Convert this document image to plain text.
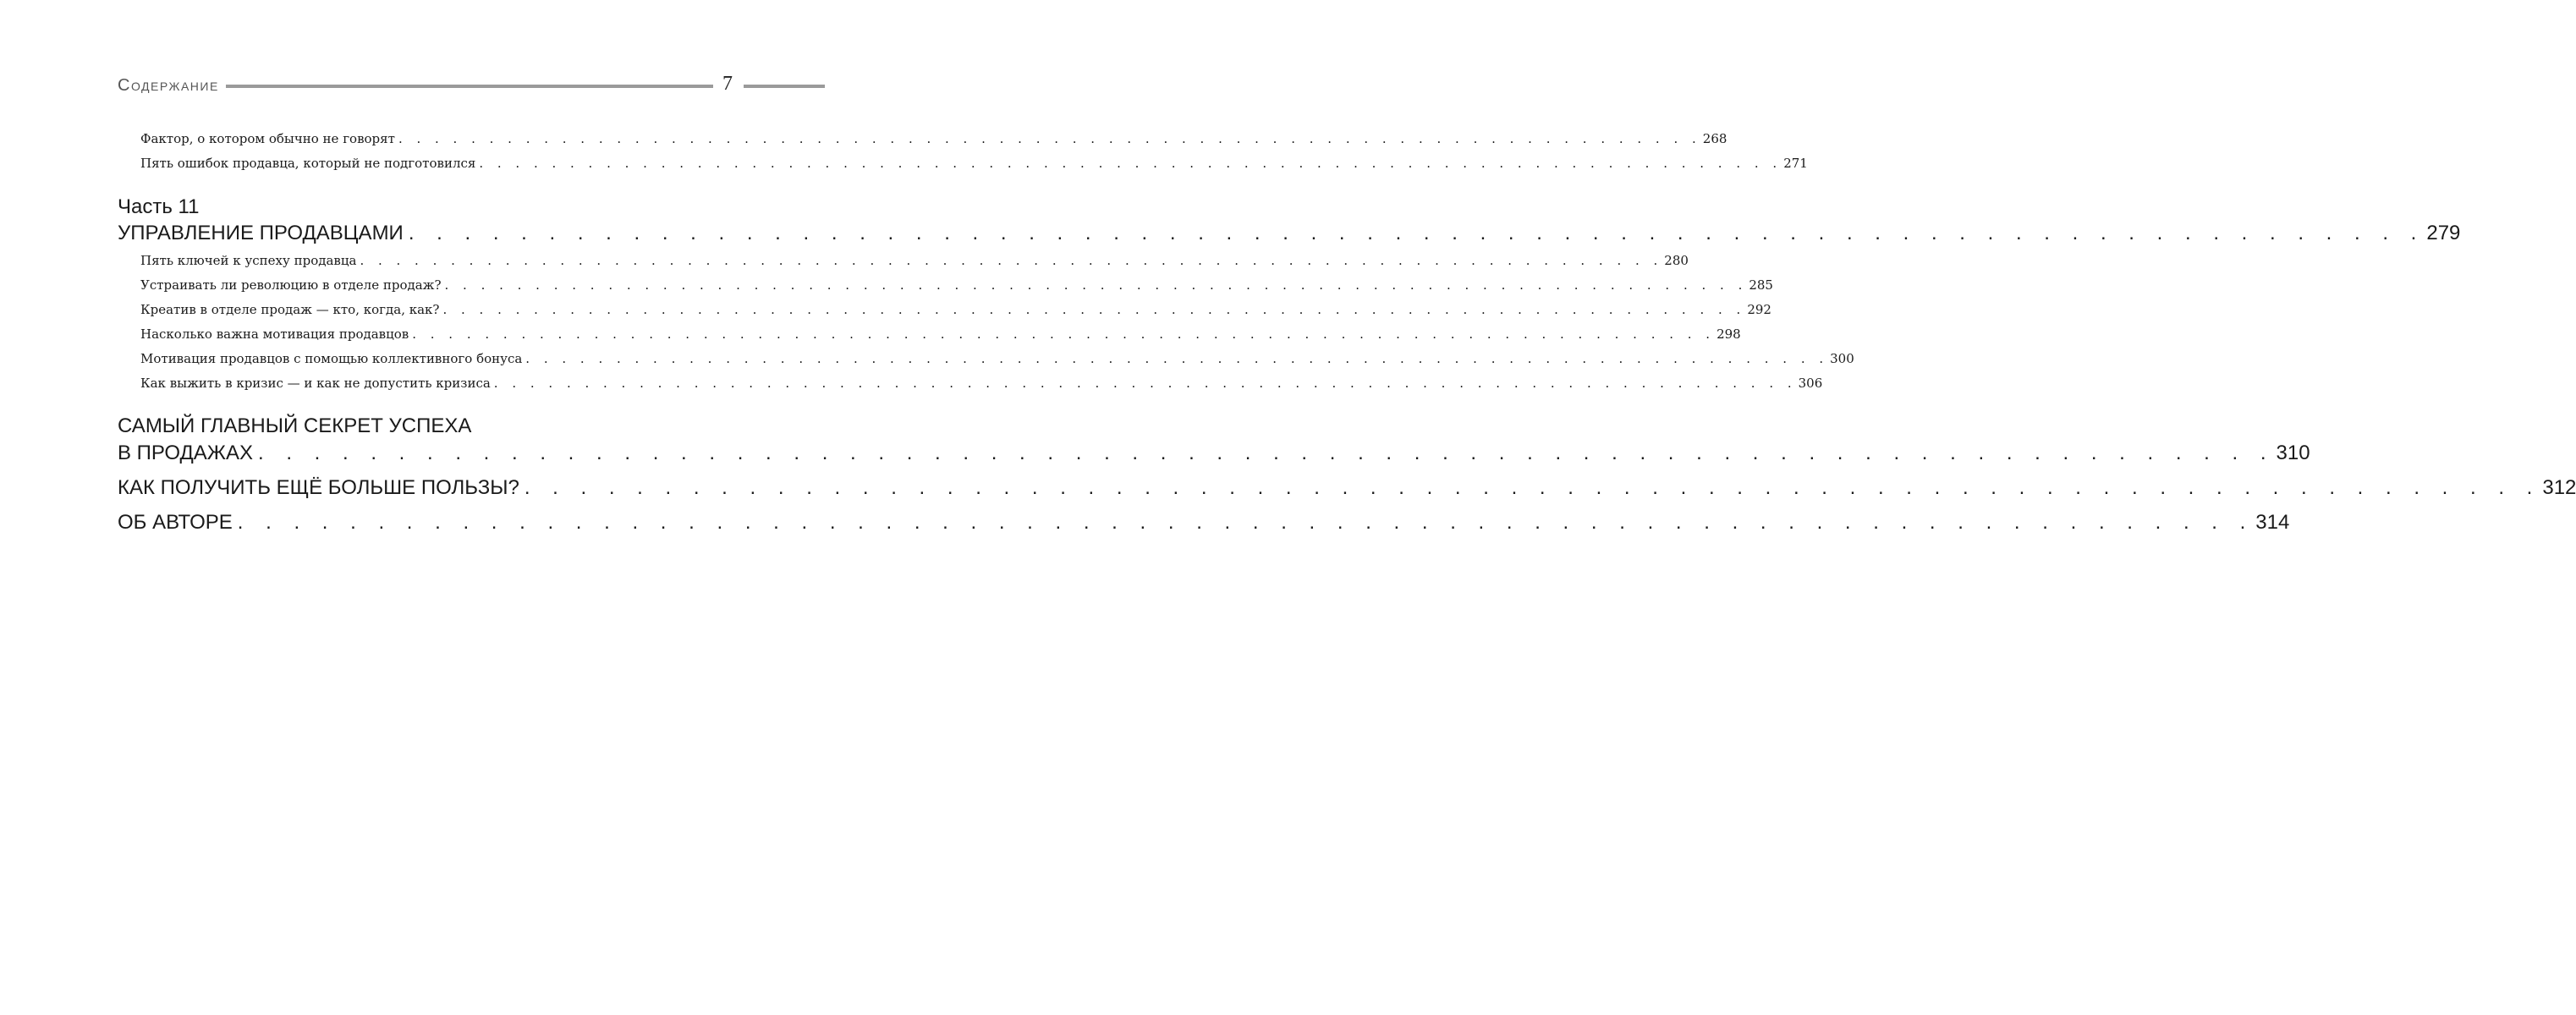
Содержание	7
Фактор, о котором обычно не говорят . . . . . . . . . . . . . . . . . . . . . . . . . . . . . . . . . . . . . . . . . . . . . . . . . . . . . . . . . . . . . . . . . . . . . . . . 268
Пять ошибок продавца, который не подготовился . . . . . . . . . . . . . . . . . . . . . . . . . . . . . . . . . . . . . . . . . . . . . . . . . . . . . . . . . . . . . . . . . . . . . . . . 271
Часть 11
УПРАВЛЕНИЕ ПРОДАВЦАМИ . . . . . . . . . . . . . . . . . . . . . . . . . . . . . . . . . . . . . . . . . . . . . . . . . . . . . . . . . . . . . . . . . . . . . . . . 279
Пять ключей к успеху продавца . . . . . . . . . . . . . . . . . . . . . . . . . . . . . . . . . . . . . . . . . . . . . . . . . . . . . . . . . . . . . . . . . . . . . . . . 280
Устраивать ли революцию в отделе продаж? . . . . . . . . . . . . . . . . . . . . . . . . . . . . . . . . . . . . . . . . . . . . . . . . . . . . . . . . . . . . . . . . . . . . . . . . 285
Креатив в отделе продаж — кто, когда, как? . . . . . . . . . . . . . . . . . . . . . . . . . . . . . . . . . . . . . . . . . . . . . . . . . . . . . . . . . . . . . . . . . . . . . . . . 292
Насколько важна мотивация продавцов . . . . . . . . . . . . . . . . . . . . . . . . . . . . . . . . . . . . . . . . . . . . . . . . . . . . . . . . . . . . . . . . . . . . . . . . 298
Мотивация продавцов с помощью коллективного бонуса . . . . . . . . . . . . . . . . . . . . . . . . . . . . . . . . . . . . . . . . . . . . . . . . . . . . . . . . . . . . . . . . . . . . . . . . 300
Как выжить в кризис — и как не допустить кризиса . . . . . . . . . . . . . . . . . . . . . . . . . . . . . . . . . . . . . . . . . . . . . . . . . . . . . . . . . . . . . . . . . . . . . . . . 306
САМЫЙ ГЛАВНЫЙ СЕКРЕТ УСПЕХА
В ПРОДАЖАХ . . . . . . . . . . . . . . . . . . . . . . . . . . . . . . . . . . . . . . . . . . . . . . . . . . . . . . . . . . . . . . . . . . . . . . . . 310
КАК ПОЛУЧИТЬ ЕЩЁ БОЛЬШЕ ПОЛЬЗЫ? . . . . . . . . . . . . . . . . . . . . . . . . . . . . . . . . . . . . . . . . . . . . . . . . . . . . . . . . . . . . . . . . . . . . . . . . 312
ОБ АВТОРЕ . . . . . . . . . . . . . . . . . . . . . . . . . . . . . . . . . . . . . . . . . . . . . . . . . . . . . . . . . . . . . . . . . . . . . . . . 314
